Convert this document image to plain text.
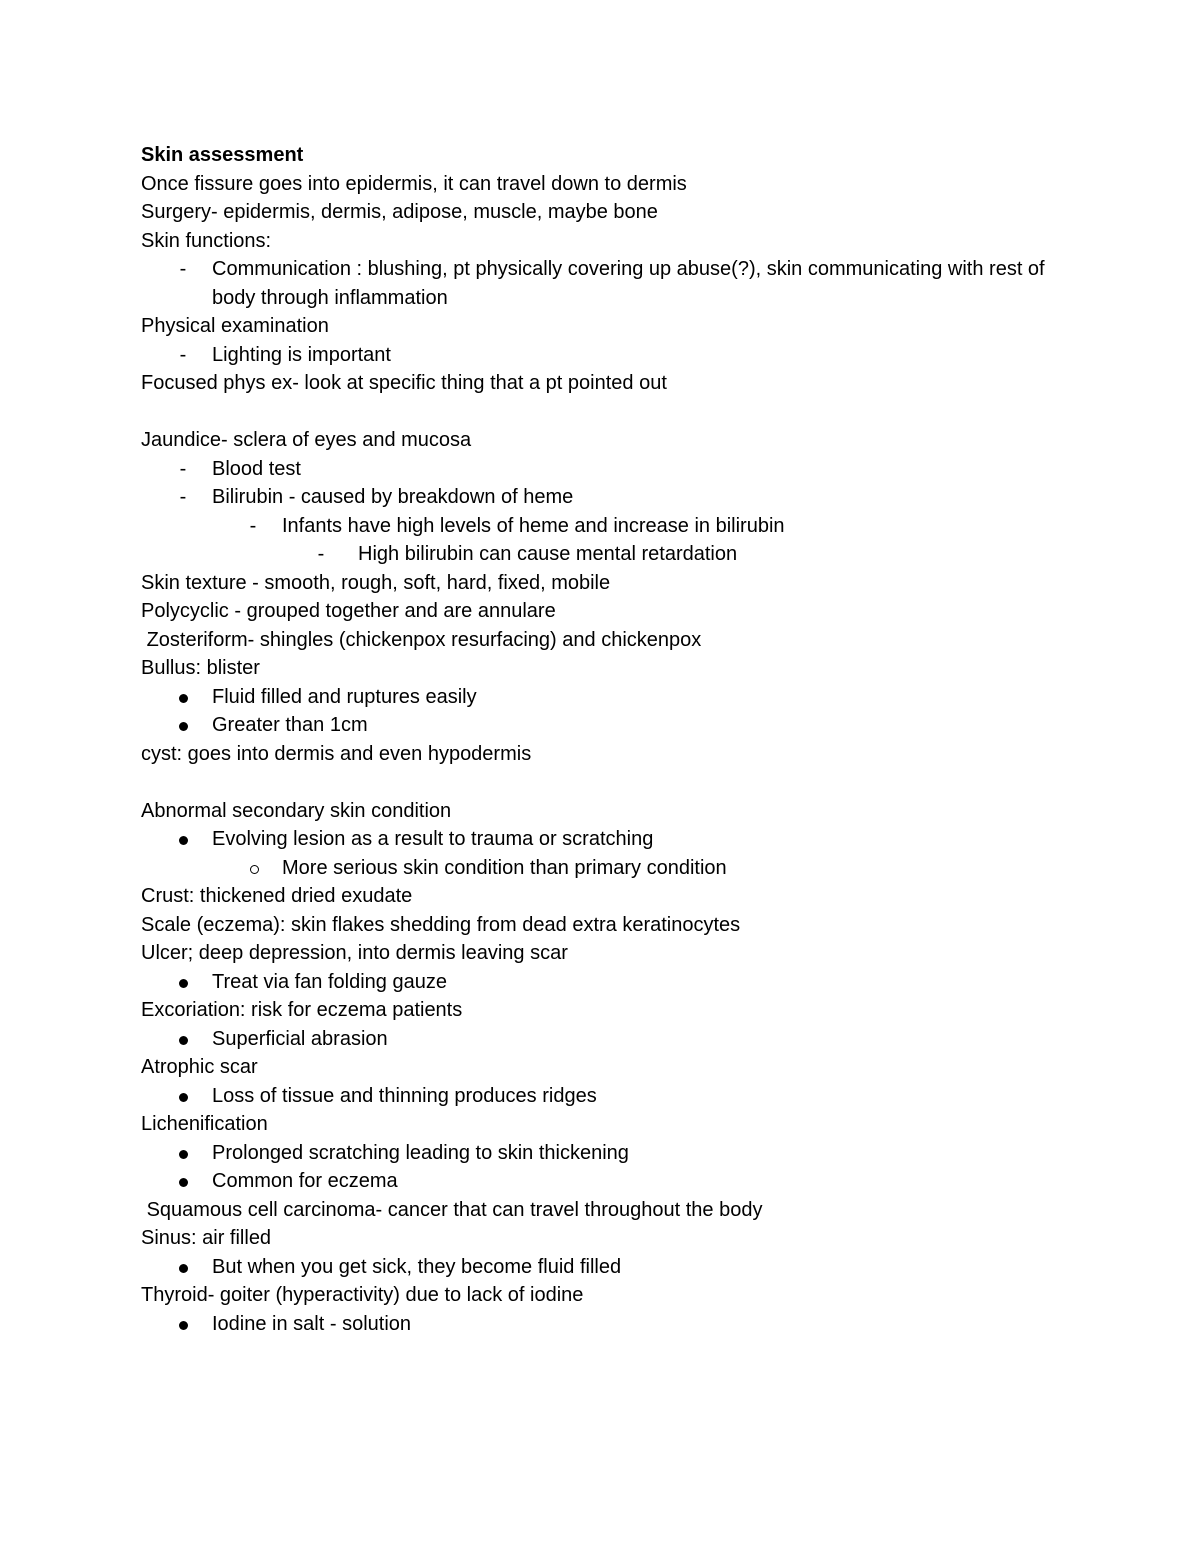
Skin assessment
Once fissure goes into epidermis, it can travel down to dermis
Surgery- epidermis, dermis, adipose, muscle, maybe bone
Skin functions:
-	Communication : blushing, pt physically covering up abuse(?), skin communicating with rest of body through inflammation
Physical examination
-	Lighting is important
Focused phys ex- look at specific thing that a pt pointed out
Jaundice- sclera of eyes and mucosa
-	Blood test
-	Bilirubin - caused by breakdown of heme
-	Infants have high levels of heme and increase in bilirubin
-	High bilirubin can cause mental retardation
Skin texture - smooth, rough, soft, hard, fixed, mobile
Polycyclic - grouped together and are annulare
Zosteriform- shingles (chickenpox resurfacing) and chickenpox
Bullus: blister
Fluid filled and ruptures easily
Greater than 1cm
cyst: goes into dermis and even hypodermis
Abnormal secondary skin condition
Evolving lesion as a result to trauma or scratching
More serious skin condition than primary condition
Crust: thickened dried exudate
Scale (eczema): skin flakes shedding from dead extra keratinocytes
Ulcer; deep depression, into dermis leaving scar
Treat via fan folding gauze
Excoriation: risk for eczema patients
Superficial abrasion
Atrophic scar
Loss of tissue and thinning produces ridges
Lichenification
Prolonged scratching leading to skin thickening
Common for eczema
Squamous cell carcinoma- cancer that can travel throughout the body
Sinus: air filled
But when you get sick, they become fluid filled
Thyroid- goiter (hyperactivity) due to lack of iodine
Iodine in salt - solution
